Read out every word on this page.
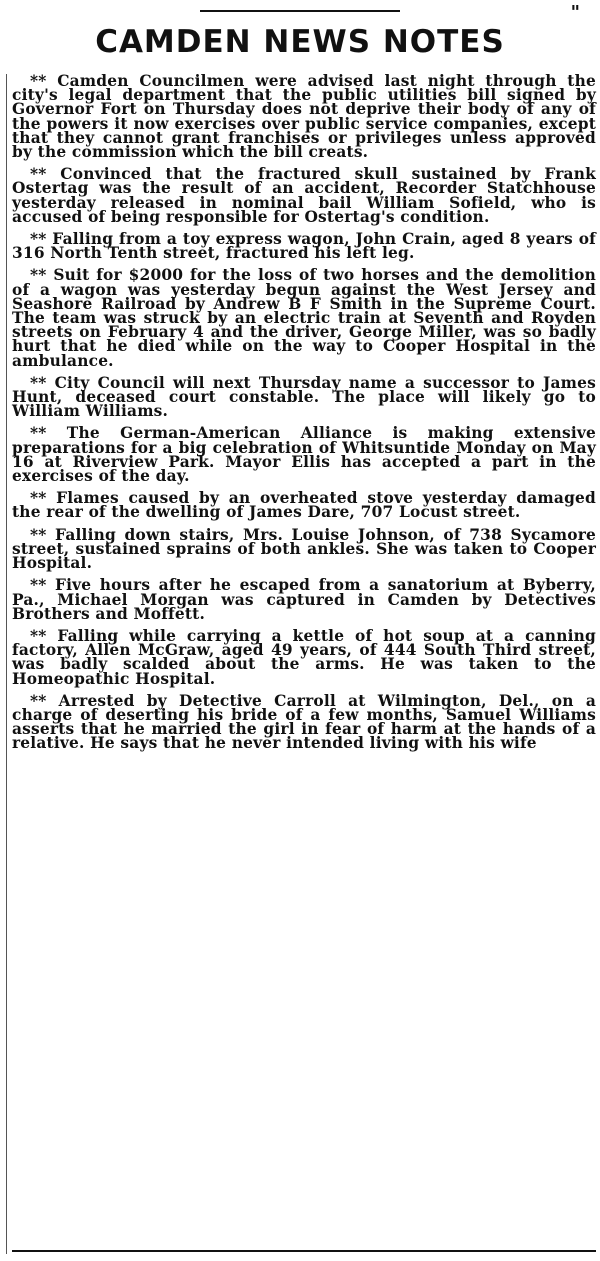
"
CAMDEN NEWS NOTES

** Camden Councilmen were advised last night through the city's legal department that the public utilities bill signed by Governor Fort on Thursday does not deprive their body of any of the powers it now exercises over public service companies, except that they cannot grant franchises or privileges unless approved by the commission which the bill creats.

** Convinced that the fractured skull sustained by Frank Ostertag was the result of an accident, Recorder Statchhouse yesterday released in nominal bail William Sofield, who is accused of being responsible for Ostertag's condition.

** Falling from a toy express wagon, John Crain, aged 8 years of 316 North Tenth street, fractured his left leg.

** Suit for $2000 for the loss of two horses and the demolition of a wagon was yesterday begun against the West Jersey and Seashore Railroad by Andrew B F Smith in the Supreme Court. The team was struck by an electric train at Seventh and Royden streets on February 4 and the driver, George Miller, was so badly hurt that he died while on the way to Cooper Hospital in the ambulance.

** City Council will next Thursday name a successor to James Hunt, deceased court constable. The place will likely go to William Williams.

** The German-American Alliance is making extensive preparations for a big celebration of Whitsuntide Monday on May 16 at Riverview Park. Mayor Ellis has accepted a part in the exercises of the day.

** Flames caused by an overheated stove yesterday damaged the rear of the dwelling of James Dare, 707 Locust street.

** Falling down stairs, Mrs. Louise Johnson, of 738 Sycamore street, sustained sprains of both ankles. She was taken to Cooper Hospital.

** Five hours after he escaped from a sanatorium at Byberry, Pa., Michael Morgan was captured in Camden by Detectives Brothers and Moffett.

** Falling while carrying a kettle of hot soup at a canning factory, Allen McGraw, aged 49 years, of 444 South Third street, was badly scalded about the arms. He was taken to the Homeopathic Hospital.

** Arrested by Detective Carroll at Wilmington, Del., on a charge of deserting his bride of a few months, Samuel Williams asserts that he married the girl in fear of harm at the hands of a relative. He says that he never intended living with his wife
